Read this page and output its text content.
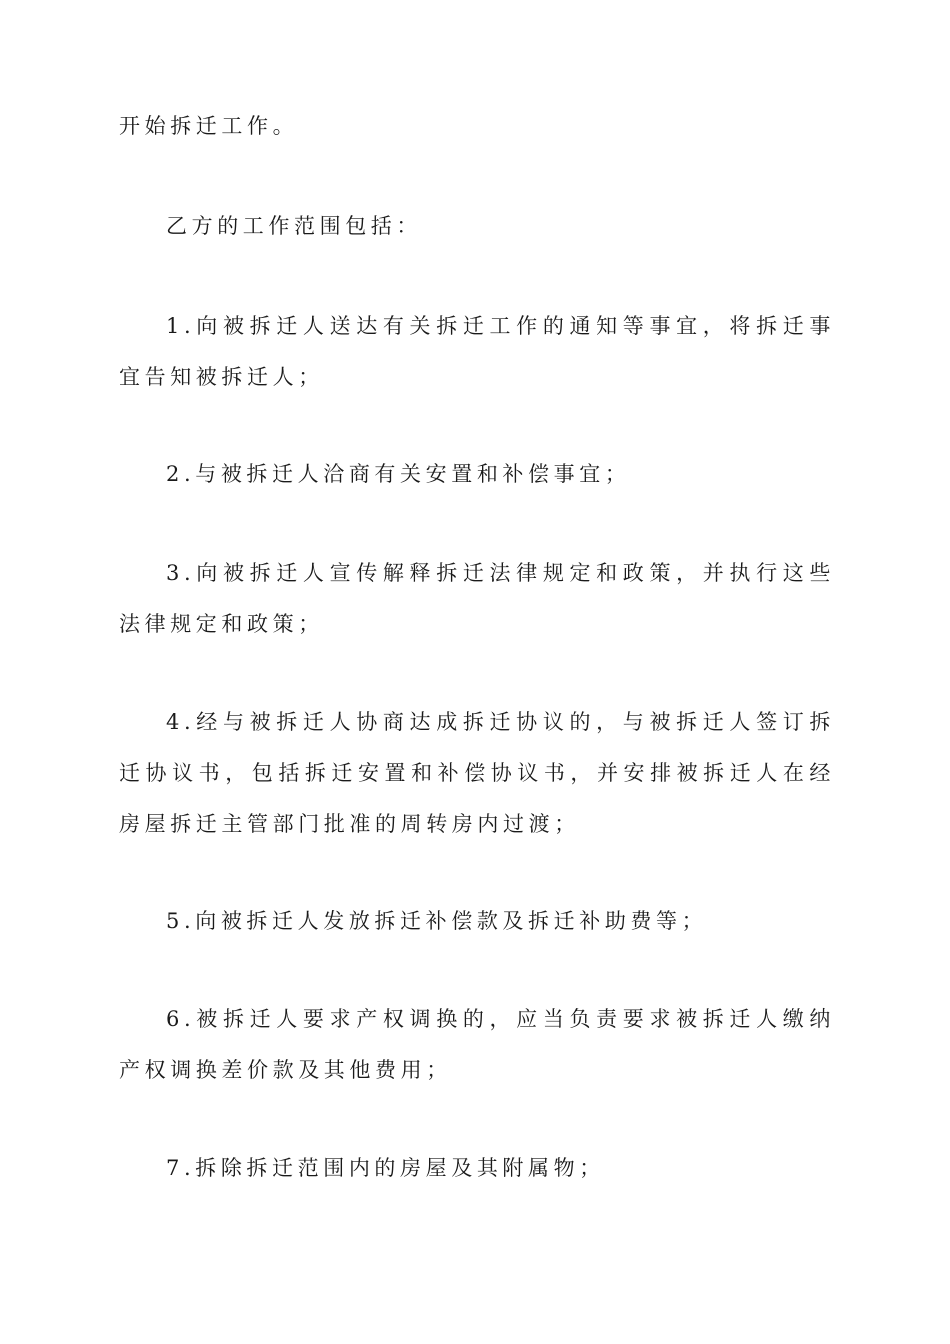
开始拆迁工作。

乙方的工作范围包括：

1.向被拆迁人送达有关拆迁工作的通知等事宜，将拆迁事宜告知被拆迁人；

2.与被拆迁人洽商有关安置和补偿事宜；

3.向被拆迁人宣传解释拆迁法律规定和政策，并执行这些法律规定和政策；

4.经与被拆迁人协商达成拆迁协议的，与被拆迁人签订拆迁协议书，包括拆迁安置和补偿协议书，并安排被拆迁人在经房屋拆迁主管部门批准的周转房内过渡；

5.向被拆迁人发放拆迁补偿款及拆迁补助费等；

6.被拆迁人要求产权调换的，应当负责要求被拆迁人缴纳产权调换差价款及其他费用；

7.拆除拆迁范围内的房屋及其附属物；
